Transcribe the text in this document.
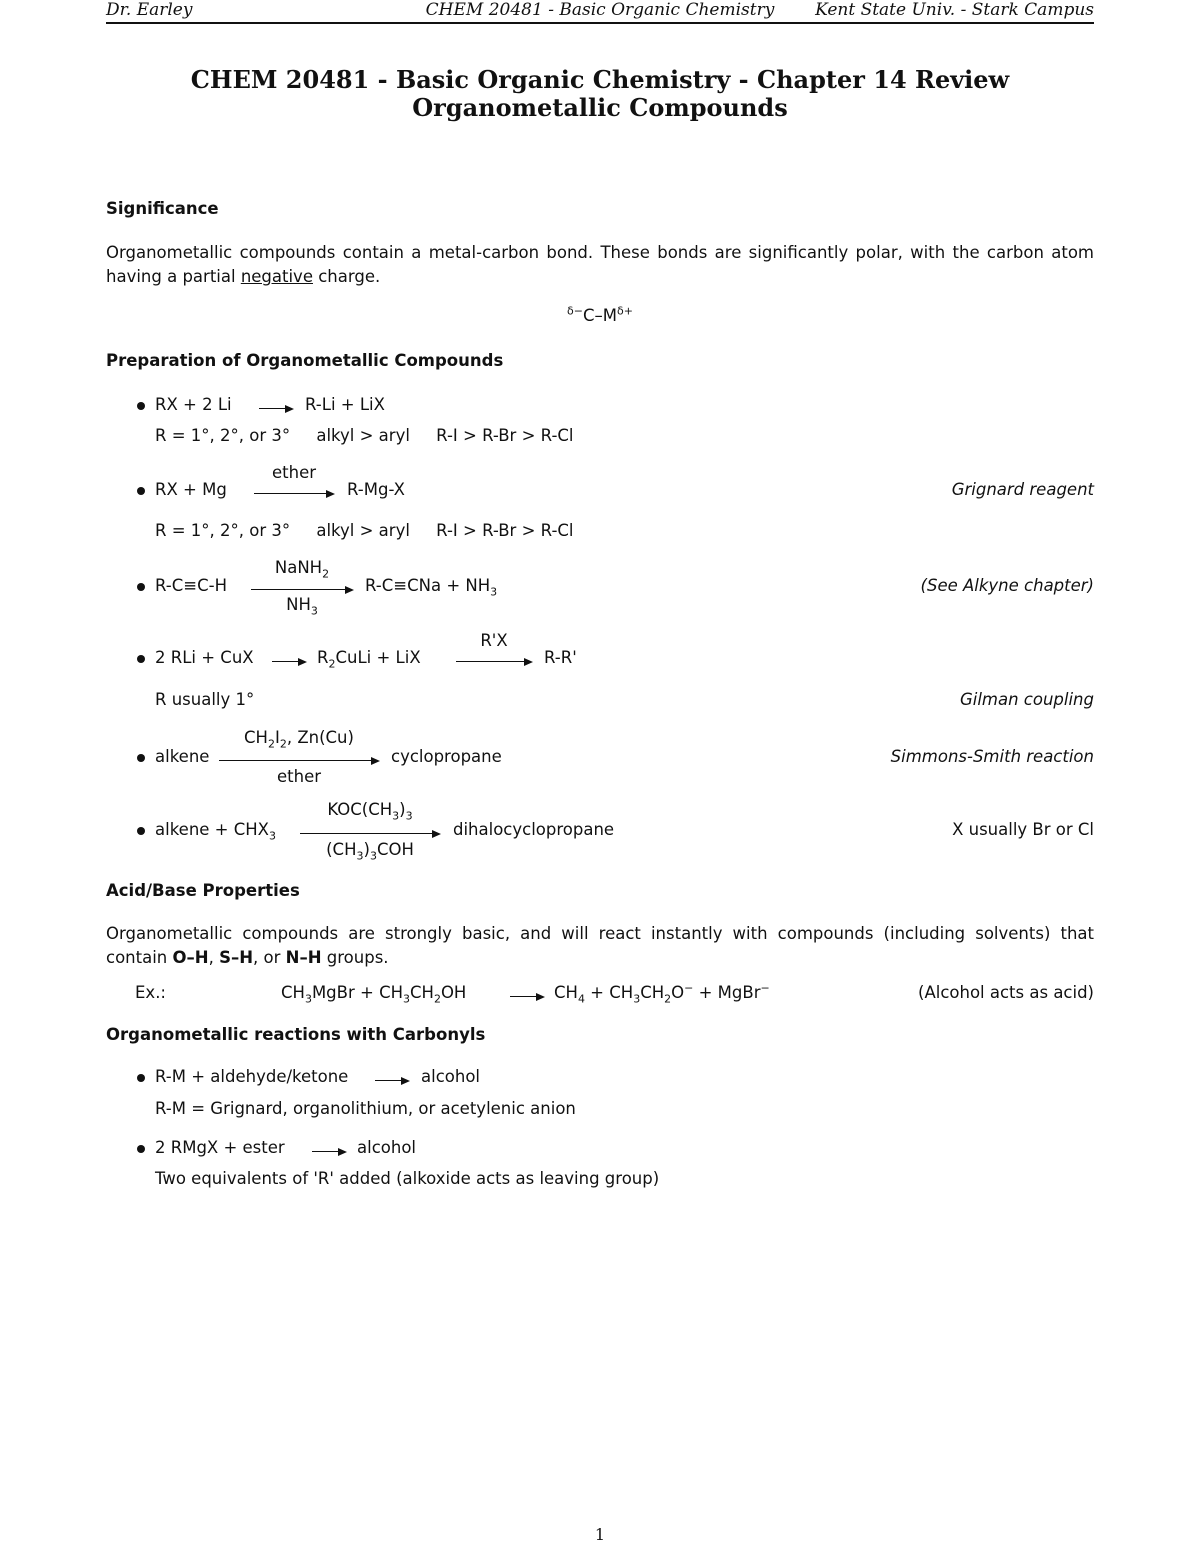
Dr. Earley	CHEM 20481 - Basic Organic Chemistry	Kent State Univ. - Stark Campus
CHEM 20481 - Basic Organic Chemistry - Chapter 14 Review
Organometallic Compounds
Significance
Organometallic compounds contain a metal-carbon bond. These bonds are significantly polar, with the carbon atom having a partial negative charge.
$^{\delta-}C-M^{\delta+}$
Preparation of Organometallic Compounds
RX + 2 Li	R-Li + LiX
R = 1°, 2°, or 3°     alkyl > aryl     R-I > R-Br > R-Cl
RX + Mg
ether
R-Mg-X	Grignard reagent
R = 1°, 2°, or 3°     alkyl > aryl     R-I > R-Br > R-Cl
R-C≡C-H
NaNH$_2$
$NH_3$
$R-C\equiv CNa + NH_3$	(See Alkyne chapter)
2 RLi + CuX	$R_2CuLi$ + LiX
R'X
R-R'
R usually 1°	Gilman coupling
alkene
$CH_2I_2$, Zn(Cu)
ether
cyclopropane	Simmons-Smith reaction
alkene + $CHX_3$
$KOC(CH_3)_3$
$(CH_3)_3COH$
dihalocyclopropane	X usually Br or Cl
Acid/Base Properties
Organometallic compounds are strongly basic, and will react instantly with compounds (including solvents) that contain O–H, S–H, or N–H groups.
Ex.:	$CH_3MgBr + CH_3CH_2OH$	$CH_4 + CH_3CH_2O^-$ + MgBr−	(Alcohol acts as acid)
Organometallic reactions with Carbonyls
R-M + aldehyde/ketone	alcohol
R-M = Grignard, organolithium, or acetylenic anion
2 RMgX + ester	alcohol
Two equivalents of 'R' added (alkoxide acts as leaving group)
1
